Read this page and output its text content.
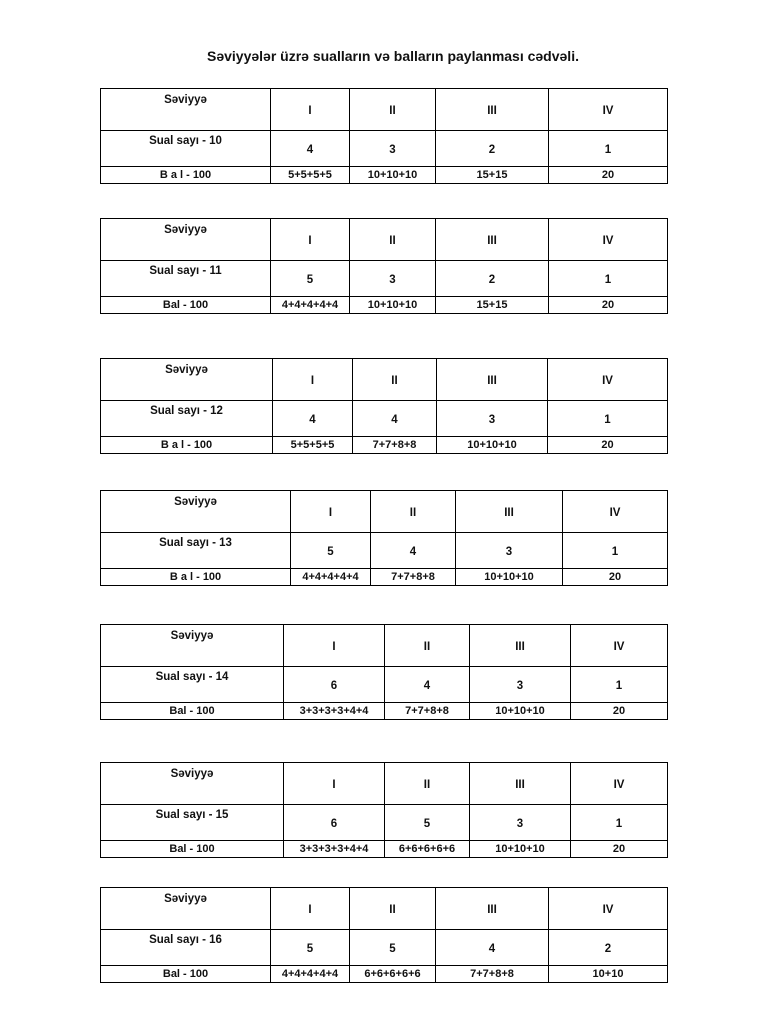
Səviyyələr üzrə sualların və balların paylanması cədvəli.
Səviyyə	I	II	III	IV

Sual sayı - 10	4	3	2	1
B a l - 100	5+5+5+5	10+10+10	15+15	20
Səviyyə	I	II	III	IV

Sual sayı - 11	5	3	2	1
Bal - 100	4+4+4+4+4	10+10+10	15+15	20
Səviyyə	I	II	III	IV

Sual sayı - 12	4	4	3	1
B a l - 100	5+5+5+5	7+7+8+8	10+10+10	20
Səviyyə	I	II	III	IV

Sual sayı - 13	5	4	3	1
B a l - 100	4+4+4+4+4	7+7+8+8	10+10+10	20
Səviyyə	I	II	III	IV

Sual sayı - 14	6	4	3	1
Bal - 100	3+3+3+3+4+4	7+7+8+8	10+10+10	20
Səviyyə	I	II	III	IV

Sual sayı - 15	6	5	3	1
Bal - 100	3+3+3+3+4+4	6+6+6+6+6	10+10+10	20
Səviyyə	I	II	III	IV

Sual sayı - 16	5	5	4	2
Bal - 100	4+4+4+4+4	6+6+6+6+6	7+7+8+8	10+10
